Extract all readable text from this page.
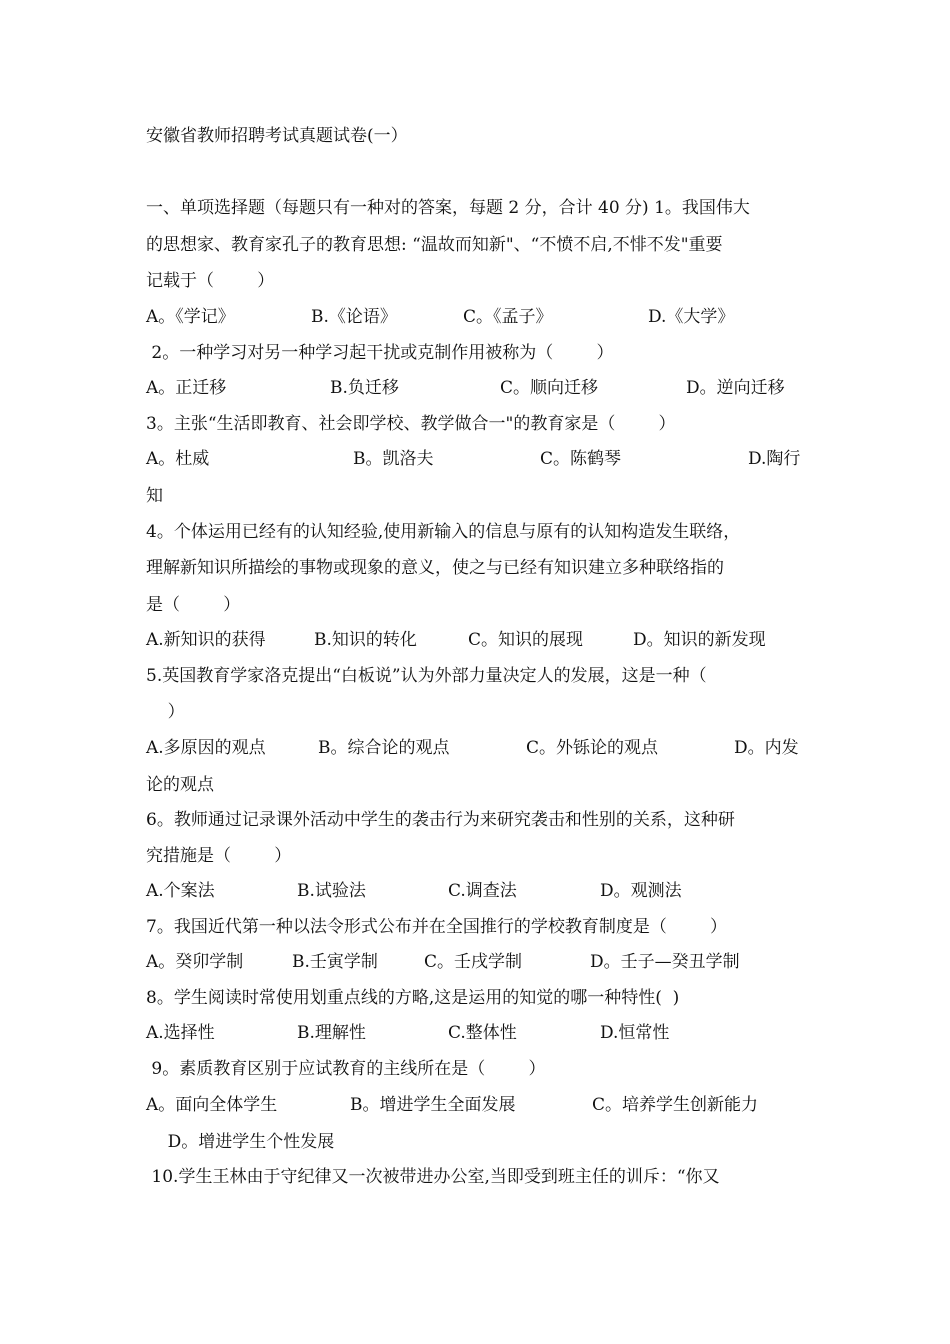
安徽省教师招聘考试真题试卷(一）
一、单项选择题（每题只有一种对的答案，每题 2 分，合计 40 分) 1。我国伟大
的思想家、教育家孔子的教育思想: “温故而知新"、“不愤不启,不悱不发"重要
记载于（        ）
A。《学记》	B.《论语》	C。《孟子》	D.《大学》
2。一种学习对另一种学习起干扰或克制作用被称为（        ）
A。正迁移	B.负迁移	C。顺向迁移	D。逆向迁移
3。主张“生活即教育、社会即学校、教学做合一"的教育家是（        ）
A。杜威	B。凯洛夫	C。陈鹤琴	D.陶行
知
4。个体运用已经有的认知经验,使用新输入的信息与原有的认知构造发生联络，
理解新知识所描绘的事物或现象的意义，使之与已经有知识建立多种联络指的
是（        ）
A.新知识的获得	B.知识的转化	C。知识的展现	D。知识的新发现
5.英国教育学家洛克提出“白板说”认为外部力量决定人的发展，这是一种（
）
A.多原因的观点	B。综合论的观点	C。外铄论的观点	D。内发
论的观点
6。教师通过记录课外活动中学生的袭击行为来研究袭击和性别的关系，这种研
究措施是（        ）
A.个案法	B.试验法	C.调查法	D。观测法
7。我国近代第一种以法令形式公布并在全国推行的学校教育制度是（        ）
A。癸卯学制	B.壬寅学制	C。壬戌学制	D。壬子—癸丑学制
8。学生阅读时常使用划重点线的方略,这是运用的知觉的哪一种特性(  )
A.选择性	B.理解性	C.整体性	D.恒常性
9。素质教育区别于应试教育的主线所在是（        ）
A。面向全体学生	B。增进学生全面发展	C。培养学生创新能力
D。增进学生个性发展
10.学生王林由于守纪律又一次被带进办公室,当即受到班主任的训斥：“你又
